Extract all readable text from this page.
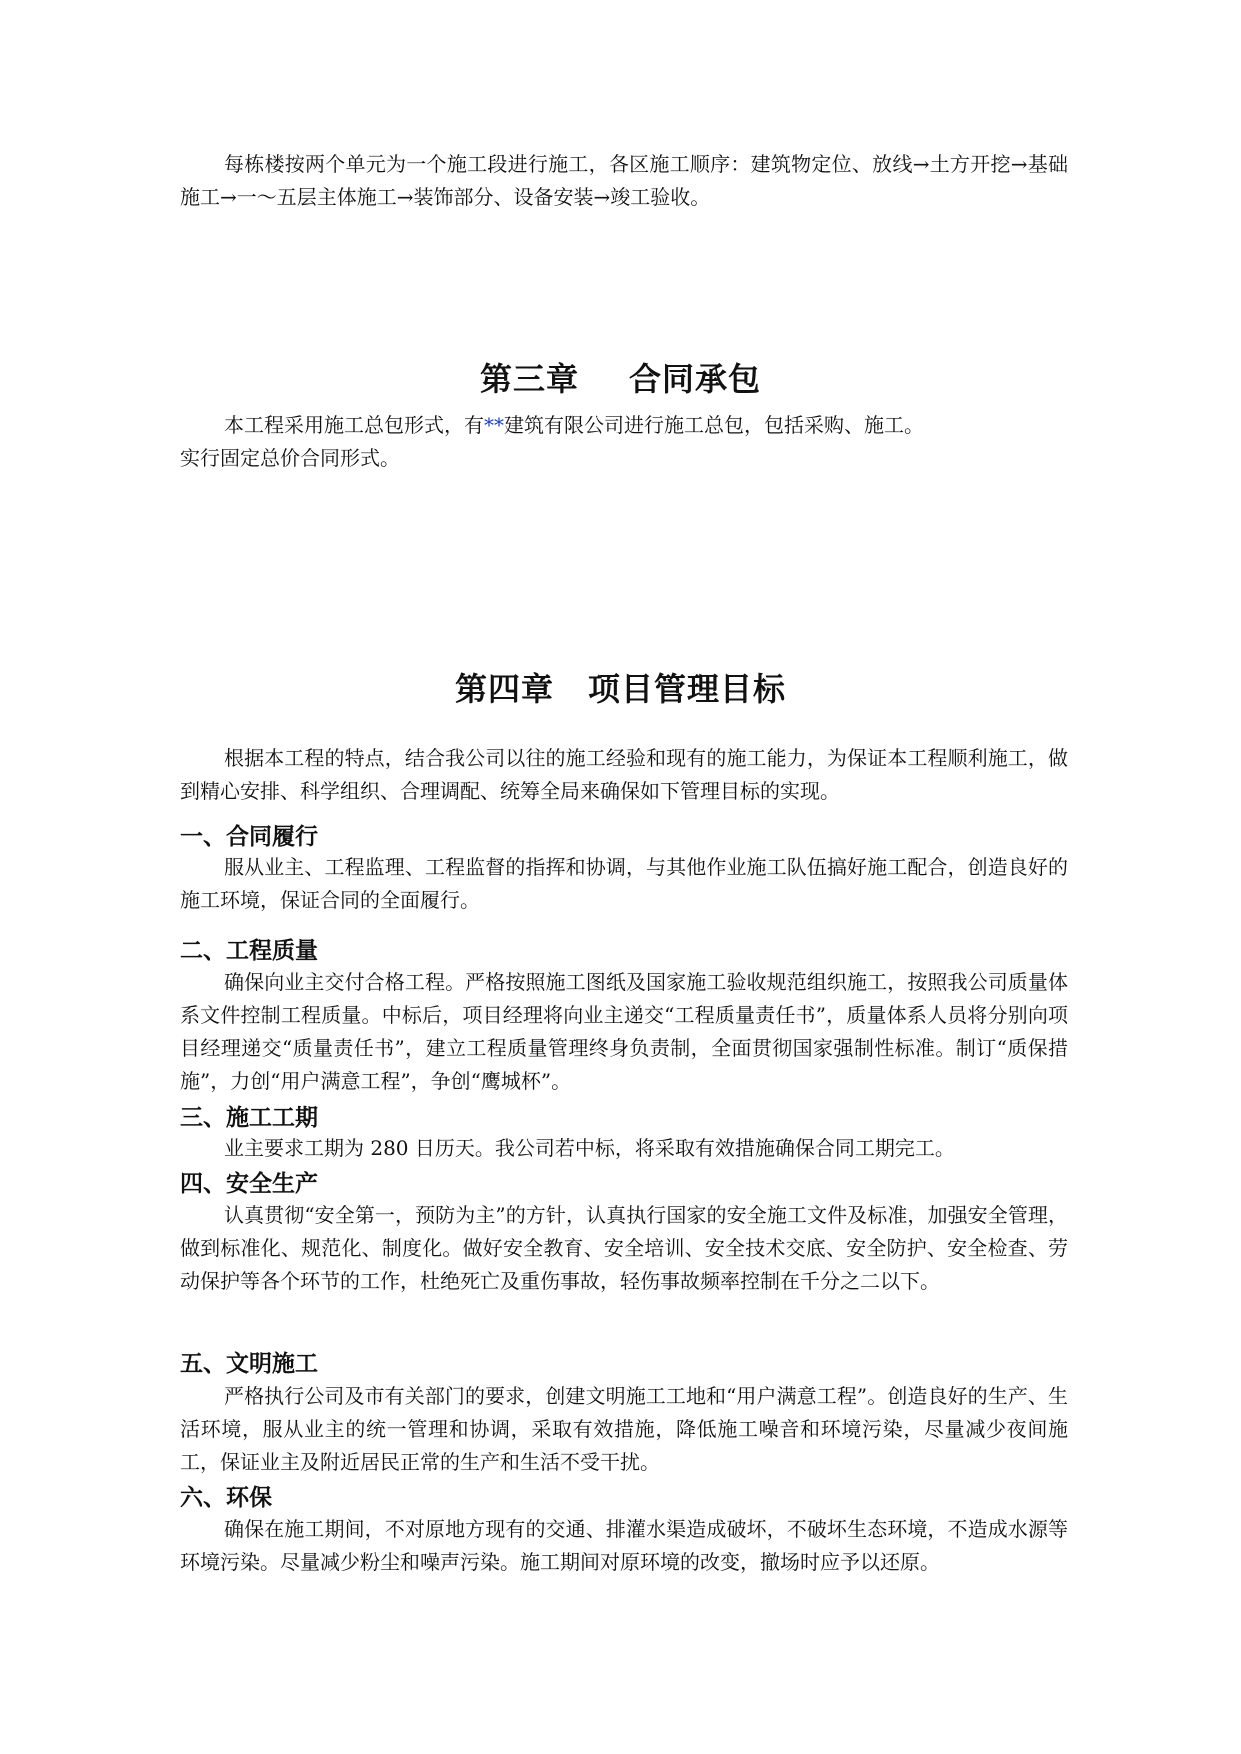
每栋楼按两个单元为一个施工段进行施工，各区施工顺序：建筑物定位、放线→土方开挖→基础施工→一～五层主体施工→装饰部分、设备安装→竣工验收。

第三章 合同承包

本工程采用施工总包形式，有**建筑有限公司进行施工总包，包括采购、施工。

实行固定总价合同形式。

第四章 项目管理目标

根据本工程的特点，结合我公司以往的施工经验和现有的施工能力，为保证本工程顺利施工，做到精心安排、科学组织、合理调配、统筹全局来确保如下管理目标的实现。

一、合同履行

服从业主、工程监理、工程监督的指挥和协调，与其他作业施工队伍搞好施工配合，创造良好的施工环境，保证合同的全面履行。

二、工程质量

确保向业主交付合格工程。严格按照施工图纸及国家施工验收规范组织施工，按照我公司质量体系文件控制工程质量。中标后，项目经理将向业主递交“工程质量责任书”，质量体系人员将分别向项目经理递交“质量责任书”，建立工程质量管理终身负责制，全面贯彻国家强制性标准。制订“质保措施”，力创“用户满意工程”，争创“鹰城杯”。

三、施工工期

业主要求工期为 280 日历天。我公司若中标，将采取有效措施确保合同工期完工。

四、安全生产

认真贯彻“安全第一，预防为主”的方针，认真执行国家的安全施工文件及标准，加强安全管理，做到标准化、规范化、制度化。做好安全教育、安全培训、安全技术交底、安全防护、安全检查、劳动保护等各个环节的工作，杜绝死亡及重伤事故，轻伤事故频率控制在千分之二以下。

五、文明施工

严格执行公司及市有关部门的要求，创建文明施工工地和“用户满意工程”。创造良好的生产、生活环境，服从业主的统一管理和协调，采取有效措施，降低施工噪音和环境污染，尽量减少夜间施工，保证业主及附近居民正常的生产和生活不受干扰。

六、环保

确保在施工期间，不对原地方现有的交通、排灌水渠造成破坏，不破坏生态环境，不造成水源等环境污染。尽量减少粉尘和噪声污染。施工期间对原环境的改变，撤场时应予以还原。
